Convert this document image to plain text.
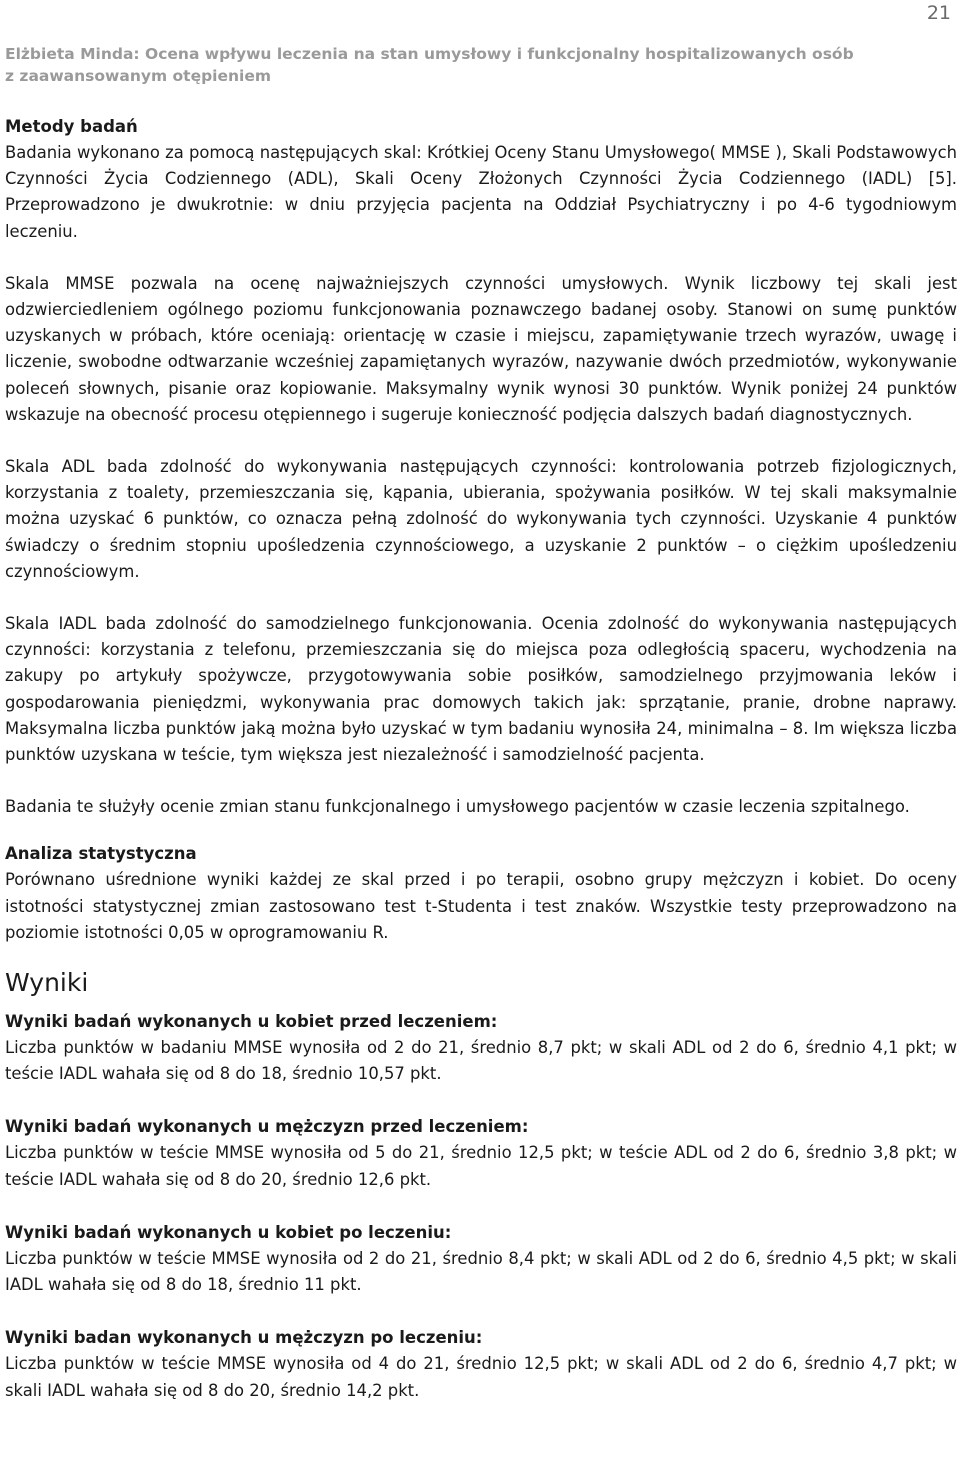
21
Elżbieta Minda: Ocena wpływu leczenia na stan umysłowy i funkcjonalny hospitalizowanych osób
z zaawansowanym otępieniem
Metody badań

Badania wykonano za pomocą następujących skal: Krótkiej Oceny Stanu Umysłowego( MMSE ), Skali Podstawowych Czynności Życia Codziennego (ADL), Skali Oceny Złożonych Czynności Życia Codziennego (IADL) [5]. Przeprowadzono je dwukrotnie: w dniu przyjęcia pacjenta na Oddział Psychiatryczny i po 4-6 tygodniowym leczeniu.

Skala MMSE pozwala na ocenę najważniejszych czynności umysłowych. Wynik liczbowy tej skali jest odzwierciedleniem ogólnego poziomu funkcjonowania poznawczego badanej osoby. Stanowi on sumę punktów uzyskanych w próbach, które oceniają: orientację w czasie i miejscu, zapamiętywanie trzech wyrazów, uwagę i liczenie, swobodne odtwarzanie wcześniej zapamiętanych wyrazów, nazywanie dwóch przedmiotów, wykonywanie poleceń słownych, pisanie oraz kopiowanie. Maksymalny wynik wynosi 30 punktów. Wynik poniżej 24 punktów wskazuje na obecność procesu otępiennego i sugeruje konieczność podjęcia dalszych badań diagnostycznych.

Skala ADL bada zdolność do wykonywania następujących czynności: kontrolowania potrzeb fizjologicznych, korzystania z toalety, przemieszczania się, kąpania, ubierania, spożywania posiłków. W tej skali maksymalnie można uzyskać 6 punktów, co oznacza pełną zdolność do wykonywania tych czynności. Uzyskanie 4 punktów świadczy o średnim stopniu upośledzenia czynnościowego, a uzyskanie 2 punktów – o ciężkim upośledzeniu czynnościowym.

Skala IADL bada zdolność do samodzielnego funkcjonowania. Ocenia zdolność do wykonywania następujących czynności: korzystania z telefonu, przemieszczania się do miejsca poza odległością spaceru, wychodzenia na zakupy po artykuły spożywcze, przygotowywania sobie posiłków, samodzielnego przyjmowania leków i gospodarowania pieniędzmi, wykonywania prac domowych takich jak: sprzątanie, pranie, drobne naprawy. Maksymalna liczba punktów jaką można było uzyskać w tym badaniu wynosiła 24, minimalna – 8. Im większa liczba punktów uzyskana w teście, tym większa jest niezależność i samodzielność pacjenta.

Badania te służyły ocenie zmian stanu funkcjonalnego i umysłowego pacjentów w czasie leczenia szpitalnego.

Analiza statystyczna

Porównano uśrednione wyniki każdej ze skal przed i po terapii, osobno grupy mężczyzn i kobiet. Do oceny istotności statystycznej zmian zastosowano test t-Studenta i test znaków. Wszystkie testy przeprowadzono na poziomie istotności 0,05 w oprogramowaniu R.

Wyniki
Wyniki badań wykonanych u kobiet przed leczeniem:

Liczba punktów w badaniu MMSE wynosiła od 2 do 21, średnio 8,7 pkt; w skali ADL od 2 do 6, średnio 4,1 pkt; w teście IADL wahała się od 8 do 18, średnio 10,57 pkt.

Wyniki badań wykonanych u mężczyzn przed leczeniem:

Liczba punktów w teście MMSE wynosiła od 5 do 21, średnio 12,5 pkt; w teście ADL od 2 do 6, średnio 3,8 pkt; w teście IADL wahała się od 8 do 20, średnio 12,6 pkt.

Wyniki badań wykonanych u kobiet po leczeniu:

Liczba punktów w teście MMSE wynosiła od 2 do 21, średnio 8,4 pkt; w skali ADL od 2 do 6, średnio 4,5 pkt; w skali IADL wahała się od 8 do 18, średnio 11 pkt.

Wyniki badan wykonanych u mężczyzn po leczeniu:

Liczba punktów w teście MMSE wynosiła od 4 do 21, średnio 12,5 pkt; w skali ADL od 2 do 6, średnio 4,7 pkt; w skali IADL wahała się od 8 do 20, średnio 14,2 pkt.
